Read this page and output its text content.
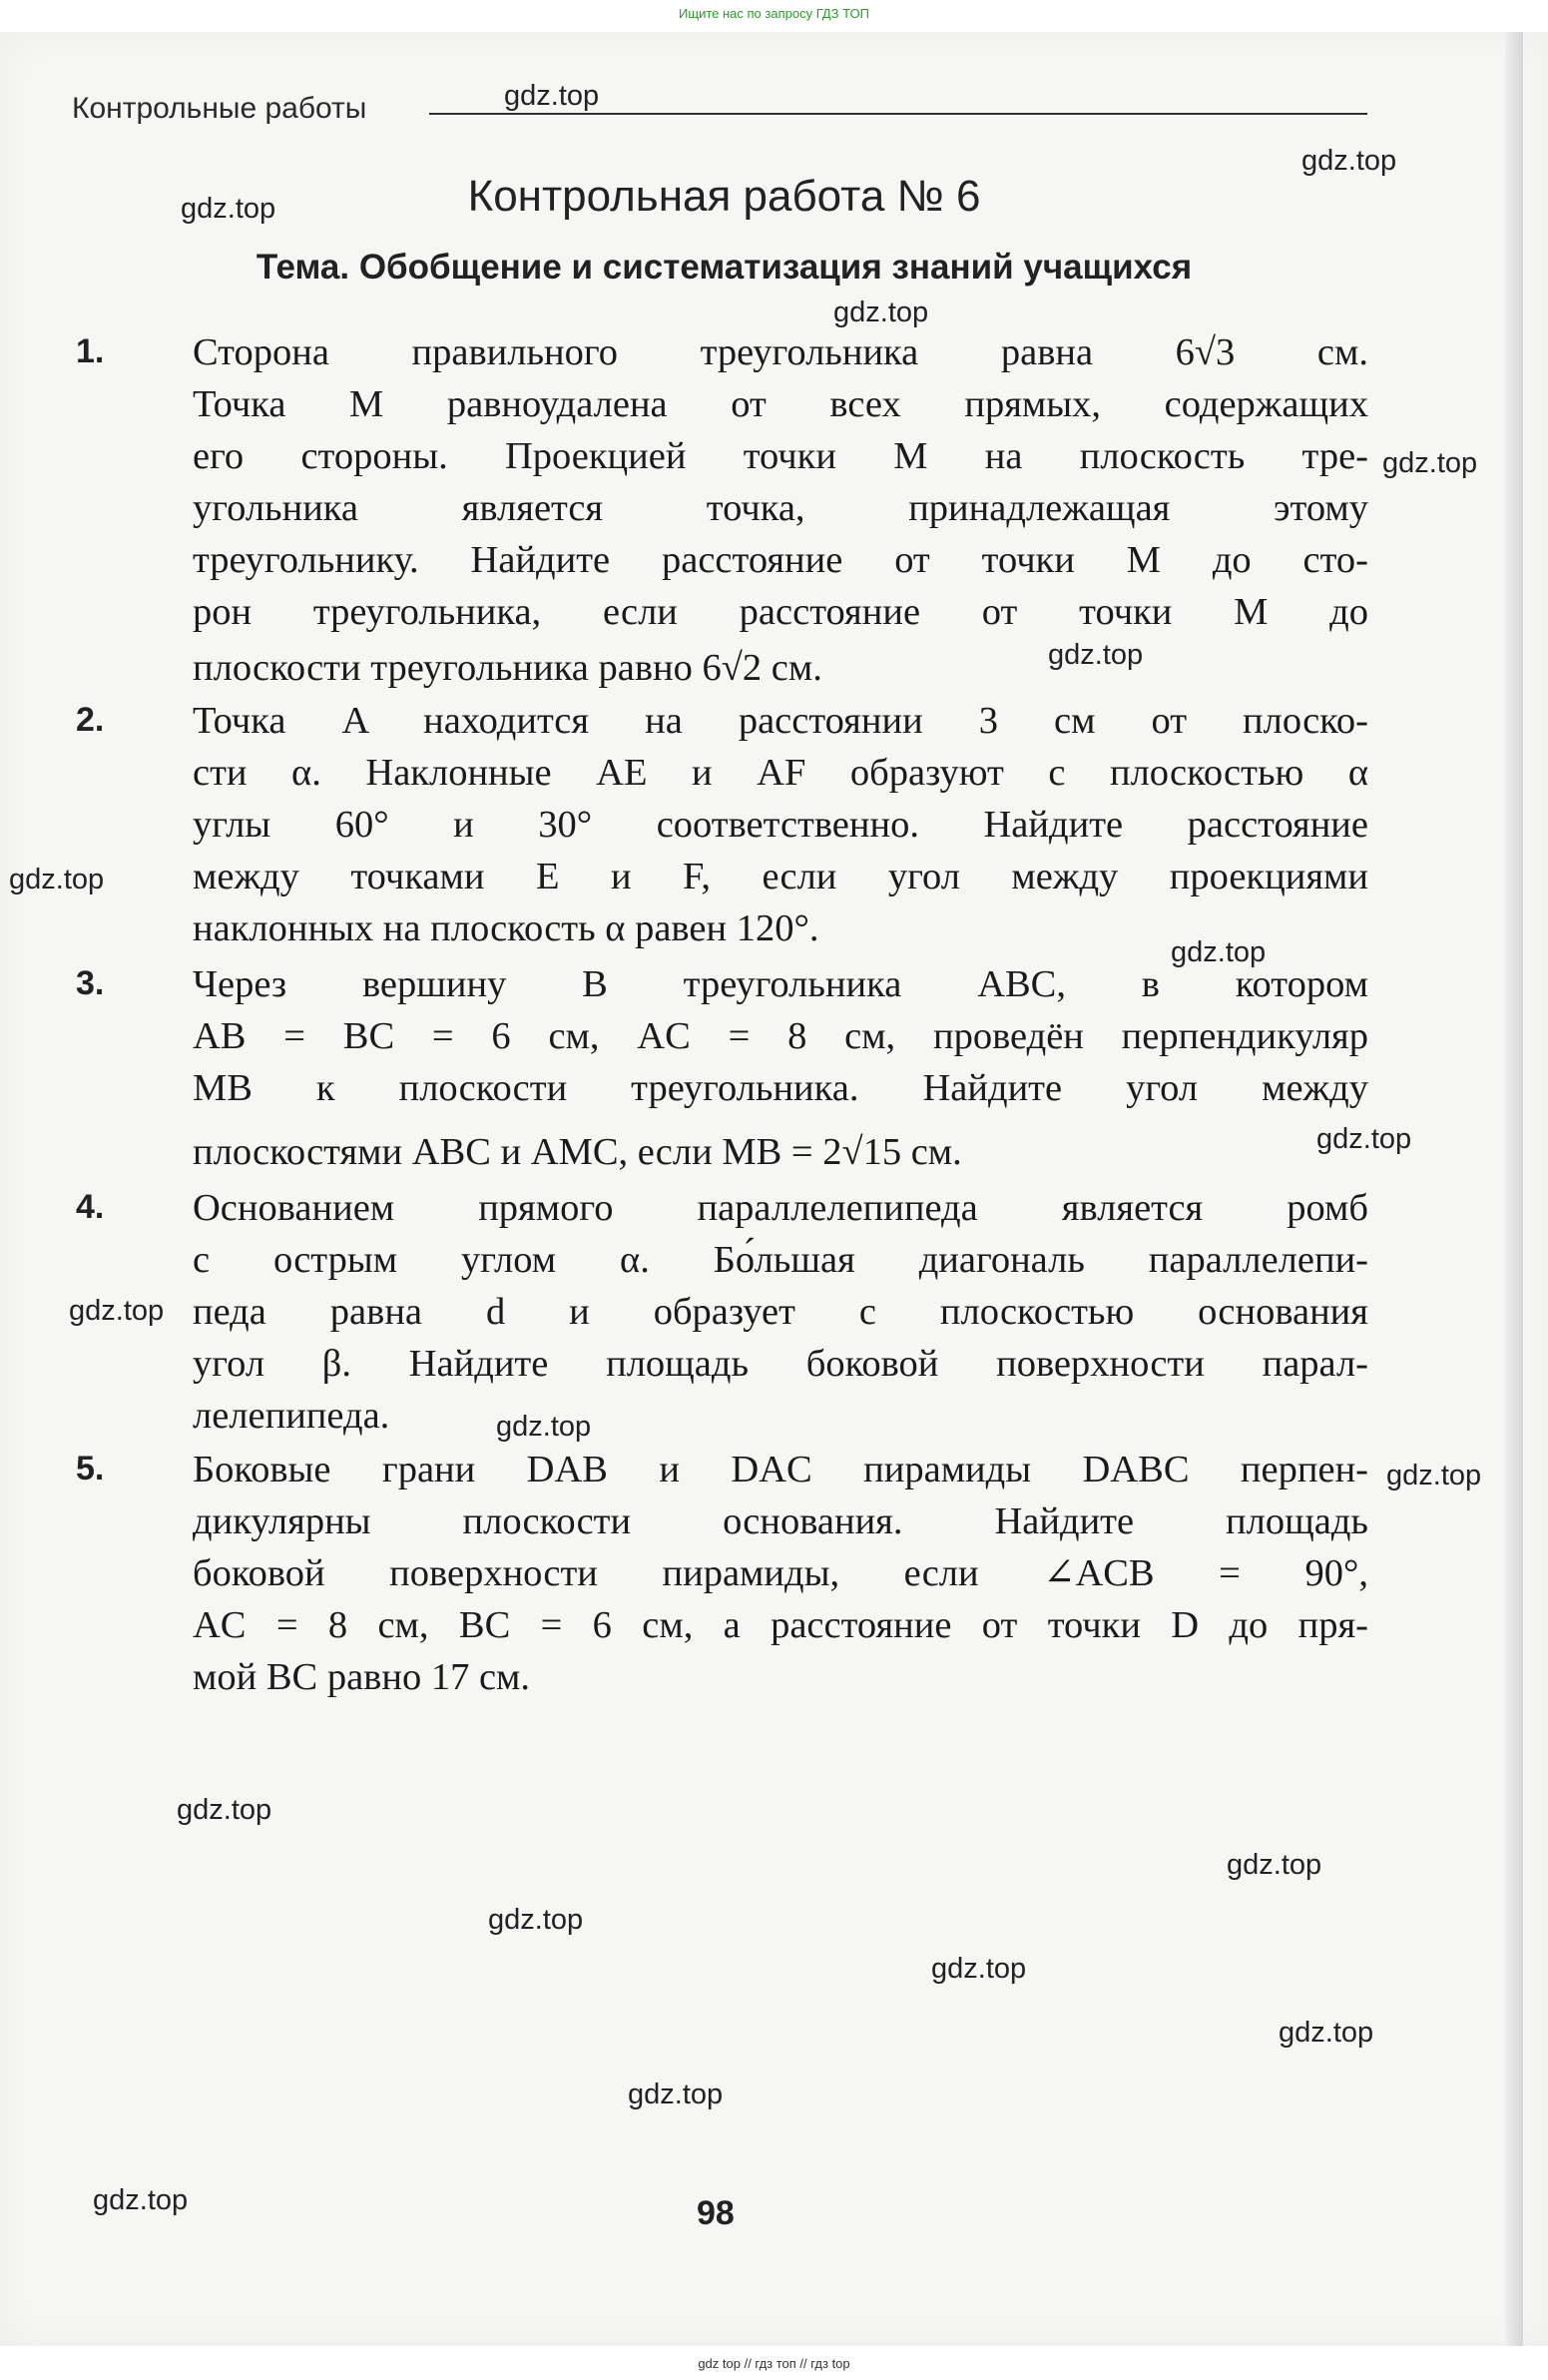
Ищите нас по запросу ГДЗ ТОП
Контрольные работы
Контрольная работа № 6
Тема. Обобщение и систематизация знаний учащихся
1. Сторона правильного треугольника равна 6√3 см.
Точка M равноудалена от всех прямых, содержащих
его стороны. Проекцией точки M на плоскость тре-
угольника является точка, принадлежащая этому
треугольнику. Найдите расстояние от точки M до сто-
рон треугольника, если расстояние от точки M до
плоскости треугольника равно 6√2 см.
2. Точка A находится на расстоянии 3 см от плоско-
сти α. Наклонные AE и AF образуют с плоскостью α
углы 60° и 30° соответственно. Найдите расстояние
между точками E и F, если угол между проекциями
наклонных на плоскость α равен 120°.
3. Через вершину B треугольника ABC, в котором
AB = BC = 6 см, AC = 8 см, проведён перпендикуляр
MB к плоскости треугольника. Найдите угол между
плоскостями ABC и AMC, если MB = 2√15 см.
4. Основанием прямого параллелепипеда является ромб
с острым углом α. Бо́льшая диагональ параллелепи-
педа равна d и образует с плоскостью основания
угол β. Найдите площадь боковой поверхности парал-
лелепипеда.
5. Боковые грани DAB и DAC пирамиды DABC перпен-
дикулярны плоскости основания. Найдите площадь
боковой поверхности пирамиды, если ∠ACB = 90°,
AC = 8 см, BC = 6 см, а расстояние от точки D до пря-
мой BC равно 17 см.
gdz.top
gdz.top
gdz.top
gdz.top
gdz.top
gdz.top
gdz.top
gdz.top
gdz.top
gdz.top
gdz.top
gdz.top
gdz.top
gdz.top
gdz.top
gdz.top
gdz.top
gdz.top
gdz.top	98
gdz top // гдз топ // гдз top
